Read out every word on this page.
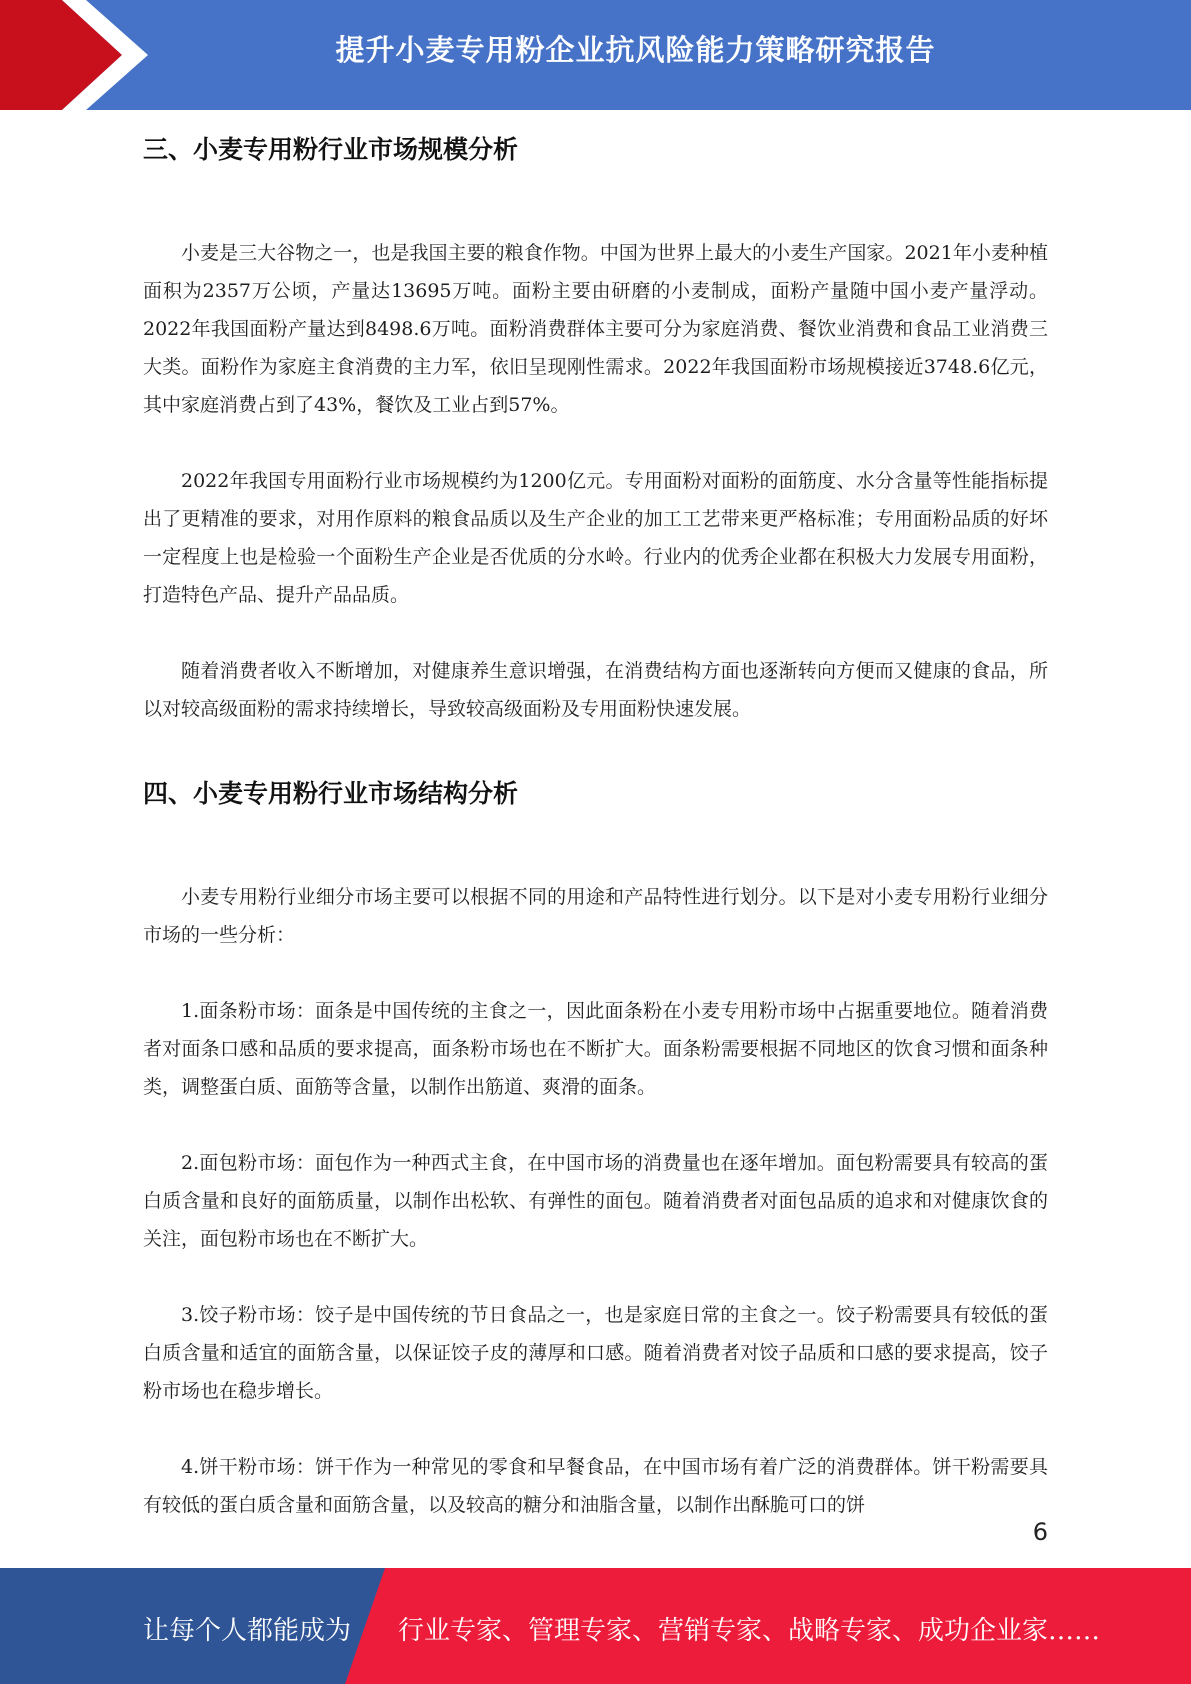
提升小麦专用粉企业抗风险能力策略研究报告
三、小麦专用粉行业市场规模分析

小麦是三大谷物之一，也是我国主要的粮食作物。中国为世界上最大的小麦生产国家。2021年小麦种植面积为2357万公顷，产量达13695万吨。面粉主要由研磨的小麦制成，面粉产量随中国小麦产量浮动。2022年我国面粉产量达到8498.6万吨。面粉消费群体主要可分为家庭消费、餐饮业消费和食品工业消费三大类。面粉作为家庭主食消费的主力军，依旧呈现刚性需求。2022年我国面粉市场规模接近3748.6亿元，其中家庭消费占到了43%，餐饮及工业占到57%。

2022年我国专用面粉行业市场规模约为1200亿元。专用面粉对面粉的面筋度、水分含量等性能指标提出了更精准的要求，对用作原料的粮食品质以及生产企业的加工工艺带来更严格标准；专用面粉品质的好坏一定程度上也是检验一个面粉生产企业是否优质的分水岭。行业内的优秀企业都在积极大力发展专用面粉，打造特色产品、提升产品品质。

随着消费者收入不断增加，对健康养生意识增强，在消费结构方面也逐渐转向方便而又健康的食品，所以对较高级面粉的需求持续增长，导致较高级面粉及专用面粉快速发展。

四、小麦专用粉行业市场结构分析

小麦专用粉行业细分市场主要可以根据不同的用途和产品特性进行划分。以下是对小麦专用粉行业细分市场的一些分析：

1.面条粉市场：面条是中国传统的主食之一，因此面条粉在小麦专用粉市场中占据重要地位。随着消费者对面条口感和品质的要求提高，面条粉市场也在不断扩大。面条粉需要根据不同地区的饮食习惯和面条种类，调整蛋白质、面筋等含量，以制作出筋道、爽滑的面条。

2.面包粉市场：面包作为一种西式主食，在中国市场的消费量也在逐年增加。面包粉需要具有较高的蛋白质含量和良好的面筋质量，以制作出松软、有弹性的面包。随着消费者对面包品质的追求和对健康饮食的关注，面包粉市场也在不断扩大。

3.饺子粉市场：饺子是中国传统的节日食品之一，也是家庭日常的主食之一。饺子粉需要具有较低的蛋白质含量和适宜的面筋含量，以保证饺子皮的薄厚和口感。随着消费者对饺子品质和口感的要求提高，饺子粉市场也在稳步增长。

4.饼干粉市场：饼干作为一种常见的零食和早餐食品，在中国市场有着广泛的消费群体。饼干粉需要具有较低的蛋白质含量和面筋含量，以及较高的糖分和油脂含量，以制作出酥脆可口的饼

6
让每个人都能成为 行业专家、管理专家、营销专家、战略专家、成功企业家……
